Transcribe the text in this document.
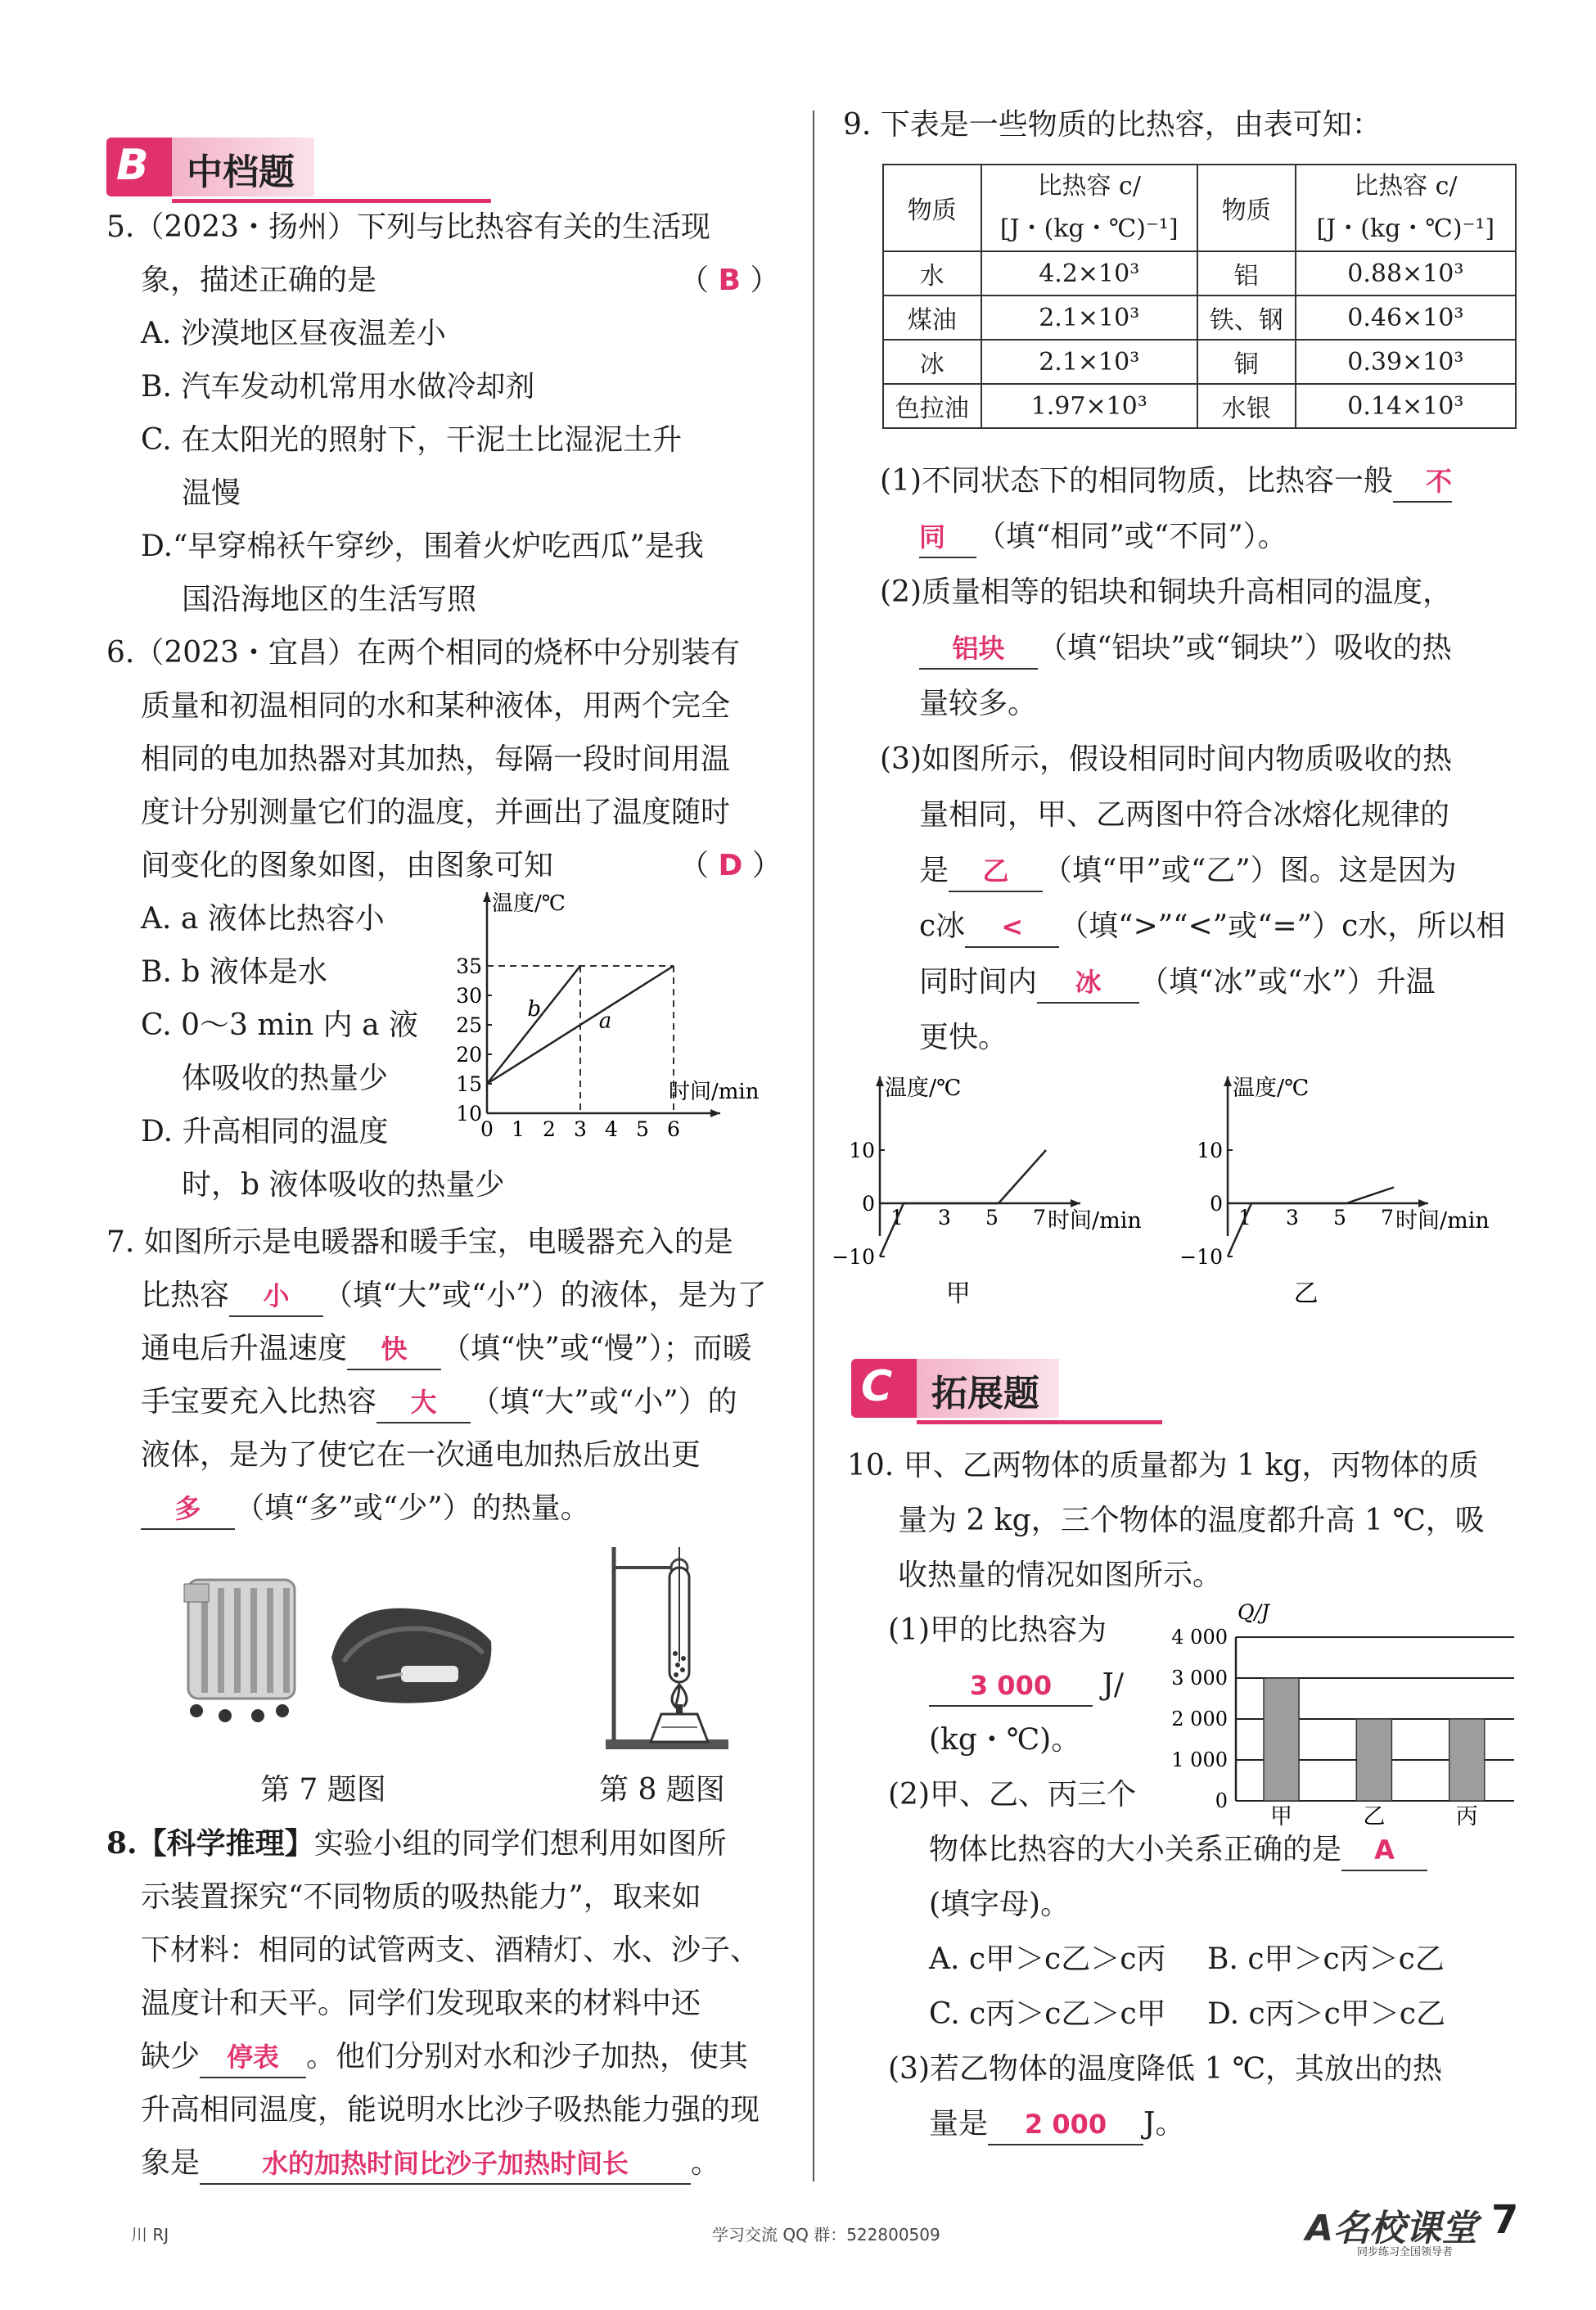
B	中档题
5.（2023・扬州）下列与比热容有关的生活现
象，描述正确的是	（ B ）
A. 沙漠地区昼夜温差小
B. 汽车发动机常用水做冷却剂
C. 在太阳光的照射下，干泥土比湿泥土升
温慢
D.“早穿棉袄午穿纱，围着火炉吃西瓜”是我
国沿海地区的生活写照
6.（2023・宜昌）在两个相同的烧杯中分别装有
质量和初温相同的水和某种液体，用两个完全
相同的电加热器对其加热，每隔一段时间用温
度计分别测量它们的温度，并画出了温度随时
间变化的图象如图，由图象可知	（ D ）
A. a 液体比热容小
B. b 液体是水
C. 0～3 min 内 a 液
体吸收的热量少
D. 升高相同的温度
时，b 液体吸收的热量少
7. 如图所示是电暖器和暖手宝，电暖器充入的是
比热容 小 （填“大”或“小”）的液体，是为了
通电后升温速度 快 （填“快”或“慢”）；而暖
手宝要充入比热容 大 （填“大”或“小”）的
液体，是为了使它在一次通电加热后放出更
多 （填“多”或“少”）的热量。
温度/℃
时间/min
10
15
20
25
30
35
0 1 2 3 4 5 6
b	a
第 7 题图	第 8 题图
8.【科学推理】实验小组的同学们想利用如图所
示装置探究“不同物质的吸热能力”，取来如
下材料：相同的试管两支、酒精灯、水、沙子、
温度计和天平。同学们发现取来的材料中还
缺少 停表 。他们分别对水和沙子加热，使其
升高相同温度，能说明水比沙子吸热能力强的现
象是 水的加热时间比沙子加热时间长 。
9. 下表是一些物质的比热容，由表可知：
物质	比热容 c/
[J・(kg・℃)⁻¹]	物质	比热容 c/
[J・(kg・℃)⁻¹]
水	4.2×10³	铝	0.88×10³
煤油	2.1×10³	铁、钢	0.46×10³
冰	2.1×10³	铜	0.39×10³
色拉油	1.97×10³	水银	0.14×10³
(1)不同状态下的相同物质，比热容一般 不
同 （填“相同”或“不同”）。
(2)质量相等的铝块和铜块升高相同的温度，
铝块 （填“铝块”或“铜块”）吸收的热
量较多。
(3)如图所示，假设相同时间内物质吸收的热
量相同，甲、乙两图中符合冰熔化规律的
是 乙 （填“甲”或“乙”）图。这是因为
c冰 < （填“>”“<”或“=”）c水，所以相
同时间内 冰 （填“冰”或“水”）升温
更快。
温度/℃
时间/min
10
0
−10
1 3 5 7
甲
温度/℃
时间/min
10
0
−10
1 3 5 7
乙
C	拓展题
10. 甲、乙两物体的质量都为 1 kg，丙物体的质
量为 2 kg，三个物体的温度都升高 1 ℃，吸
收热量的情况如图所示。
(1)甲的比热容为
3 000 J/
(kg・℃)。
(2)甲、乙、丙三个
物体比热容的大小关系正确的是 A
(填字母)。
A. c甲＞c乙＞c丙 B. c甲＞c丙＞c乙
C. c丙＞c乙＞c甲 D. c丙＞c甲＞c乙
(3)若乙物体的温度降低 1 ℃，其放出的热
量是 2 000 J。
Q/J
0
1 000
2 000
3 000
4 000
甲	乙	丙
川 RJ	学习交流 QQ 群：522800509	A名校课堂
同步练习全国领导者
7
